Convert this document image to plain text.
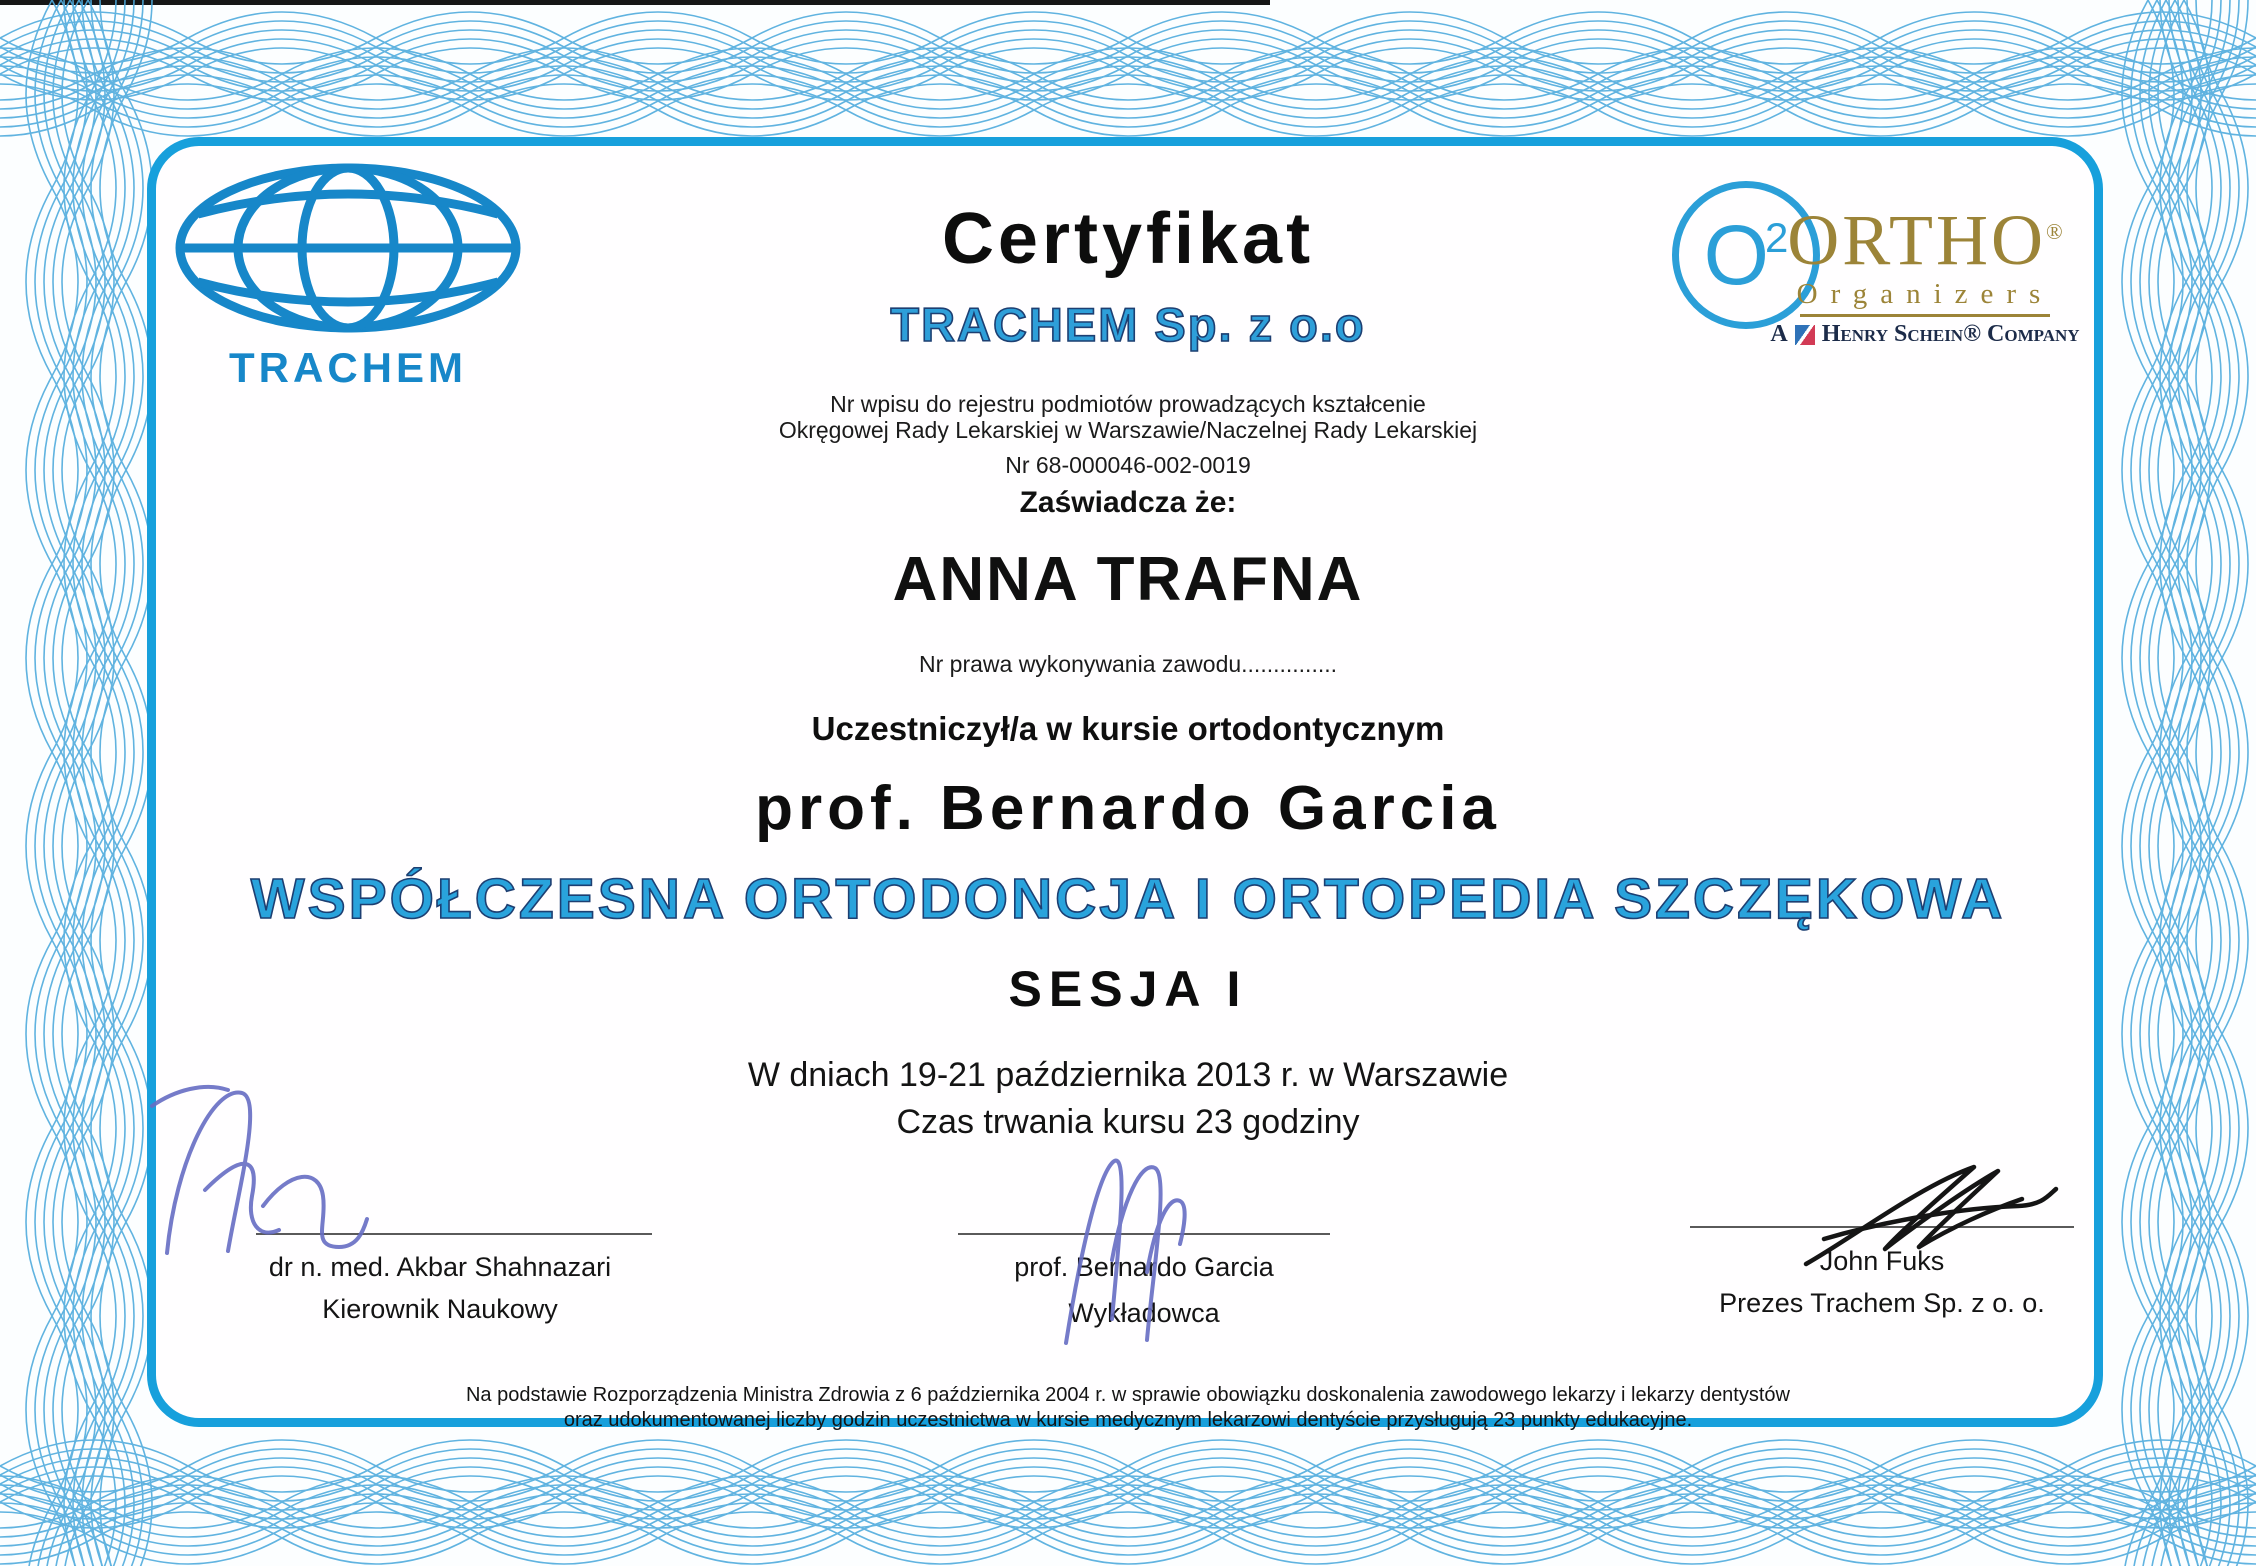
TRACHEM
O
2
ORTHO®
Organizers
A Henry Schein® Company
Certyfikat
TRACHEM Sp. z o.o
Nr wpisu do rejestru podmiotów prowadzących kształcenie
Okręgowej Rady Lekarskiej w Warszawie/Naczelnej Rady Lekarskiej
Nr 68-000046-002-0019
Zaświadcza że:
ANNA TRAFNA
Nr prawa wykonywania zawodu...............
Uczestniczył/a w kursie ortodontycznym
prof. Bernardo Garcia
WSPÓŁCZESNA ORTODONCJA I ORTOPEDIA SZCZĘKOWA
SESJA I
W dniach 19-21 października 2013 r. w Warszawie
Czas trwania kursu 23 godziny
dr n. med. Akbar Shahnazari
Kierownik Naukowy
prof. Bernardo Garcia
Wykładowca
John Fuks
Prezes Trachem Sp. z o. o.
Na podstawie Rozporządzenia Ministra Zdrowia z 6 października 2004 r. w sprawie obowiązku doskonalenia zawodowego lekarzy i lekarzy dentystów
oraz udokumentowanej liczby godzin uczestnictwa w kursie medycznym lekarzowi dentyście przysługują 23 punkty edukacyjne.
